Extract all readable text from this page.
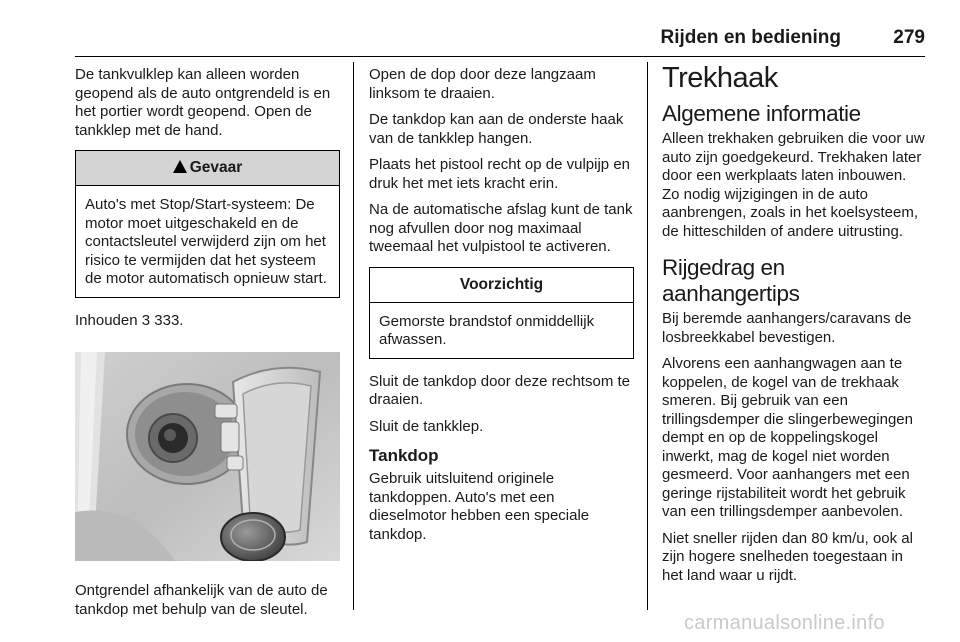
Rijden en bediening	279

De tankvulklep kan alleen worden geopend als de auto ontgrendeld is en het portier wordt geopend. Open de tankklep met de hand.

!Gevaar
Auto's met Stop/Start-systeem: De motor moet uitgeschakeld en de contactsleutel verwijderd zijn om het risico te vermijden dat het systeem de motor automatisch opnieuw start.

Inhouden 3 333.

Ontgrendel afhankelijk van de auto de tankdop met behulp van de sleutel.

Open de dop door deze langzaam linksom te draaien.

De tankdop kan aan de onderste haak van de tankklep hangen.

Plaats het pistool recht op de vulpijp en druk het met iets kracht erin.

Na de automatische afslag kunt de tank nog afvullen door nog maximaal tweemaal het vulpistool te activeren.

Voorzichtig
Gemorste brandstof onmiddellijk afwassen.

Sluit de tankdop door deze rechtsom te draaien.

Sluit de tankklep.

Tankdop

Gebruik uitsluitend originele tankdoppen. Auto's met een dieselmotor hebben een speciale tankdop.

Trekhaak
Algemene informatie

Alleen trekhaken gebruiken die voor uw auto zijn goedgekeurd. Trekhaken later door een werkplaats laten inbouwen. Zo nodig wijzigingen in de auto aanbrengen, zoals in het koelsysteem, de hitteschilden of andere uitrusting.

Rijgedrag en aanhangertips

Bij beremde aanhangers/caravans de losbreekkabel bevestigen.

Alvorens een aanhangwagen aan te koppelen, de kogel van de trekhaak smeren. Bij gebruik van een trillingsdemper die slingerbewegingen dempt en op de koppelingskogel inwerkt, mag de kogel niet worden gesmeerd. Voor aanhangers met een geringe rijstabiliteit wordt het gebruik van een trillingsdemper aanbevolen.

Niet sneller rijden dan 80 km/u, ook al zijn hogere snelheden toegestaan in het land waar u rijdt.

carmanualsonline.info
